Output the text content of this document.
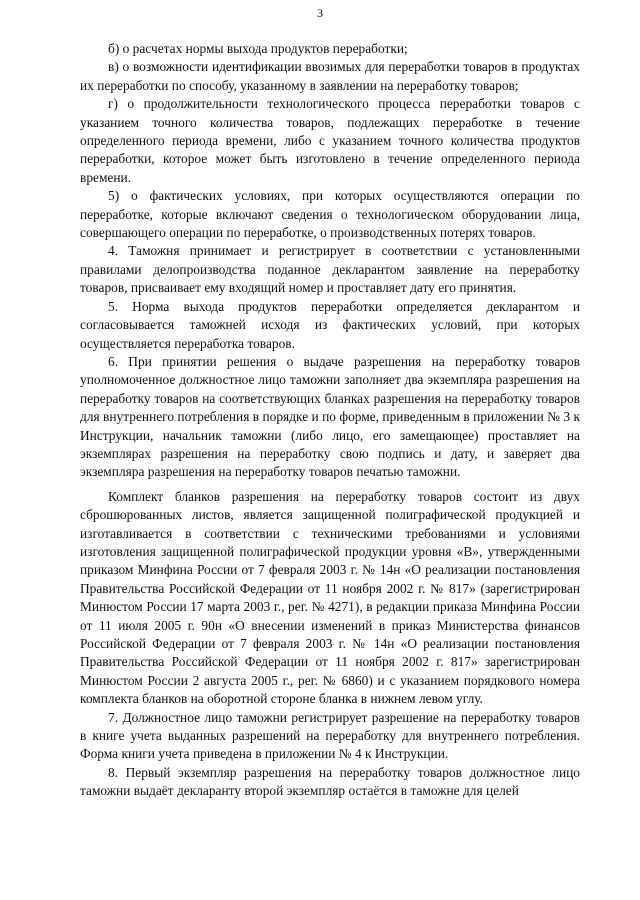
3

б) о расчетах нормы выхода продуктов переработки;

в) о возможности идентификации ввозимых для переработки товаров в продуктах их переработки по способу, указанному в заявлении на переработку товаров;

г) о продолжительности технологического процесса переработки товаров с указанием точного количества товаров, подлежащих переработке в течение определенного периода времени, либо с указанием точного количества продуктов переработки, которое может быть изготовлено в течение определенного периода времени.

5) о фактических условиях, при которых осуществляются операции по переработке, которые включают сведения о технологическом оборудовании лица, совершающего операции по переработке, о производственных потерях товаров.

4. Таможня принимает и регистрирует в соответствии с установленными правилами делопроизводства поданное декларантом заявление на переработку товаров, присваивает ему входящий номер и проставляет дату его принятия.

5. Норма выхода продуктов переработки определяется декларантом и согласовывается таможней исходя из фактических условий, при которых осуществляется переработка товаров.

6. При принятии решения о выдаче разрешения на переработку товаров уполномоченное должностное лицо таможни заполняет два экземпляра разрешения на переработку товаров на соответствующих бланках разрешения на переработку товаров для внутреннего потребления в порядке и по форме, приведенным в приложении № 3 к Инструкции, начальник таможни (либо лицо, его замещающее) проставляет на экземплярах разрешения на переработку свою подпись и дату, и заверяет два экземпляра разрешения на переработку товаров печатью таможни.

Комплект бланков разрешения на переработку товаров состоит из двух сброшюрованных листов, является защищенной полиграфической продукцией и изготавливается в соответствии с техническими требованиями и условиями изготовления защищенной полиграфической продукции уровня «В», утвержденными приказом Минфина России от 7 февраля 2003 г. № 14н «О реализации постановления Правительства Российской Федерации от 11 ноября 2002 г. № 817» (зарегистрирован Минюстом России 17 марта 2003 г., рег. № 4271), в редакции приказа Минфина России от 11 июля 2005 г. 90н «О внесении изменений в приказ Министерства финансов Российской Федерации от 7 февраля 2003 г. № 14н «О реализации постановления Правительства Российской Федерации от 11 ноября 2002 г. 817» зарегистрирован Минюстом России 2 августа 2005 г., рег. № 6860) и с указанием порядкового номера комплекта бланков на оборотной стороне бланка в нижнем левом углу.

7. Должностное лицо таможни регистрирует разрешение на переработку товаров в книге учета выданных разрешений на переработку для внутреннего потребления. Форма книги учета приведена в приложении № 4 к Инструкции.

8. Первый экземпляр разрешения на переработку товаров должностное лицо таможни выдаёт декларанту второй экземпляр остаётся в таможне для целей
